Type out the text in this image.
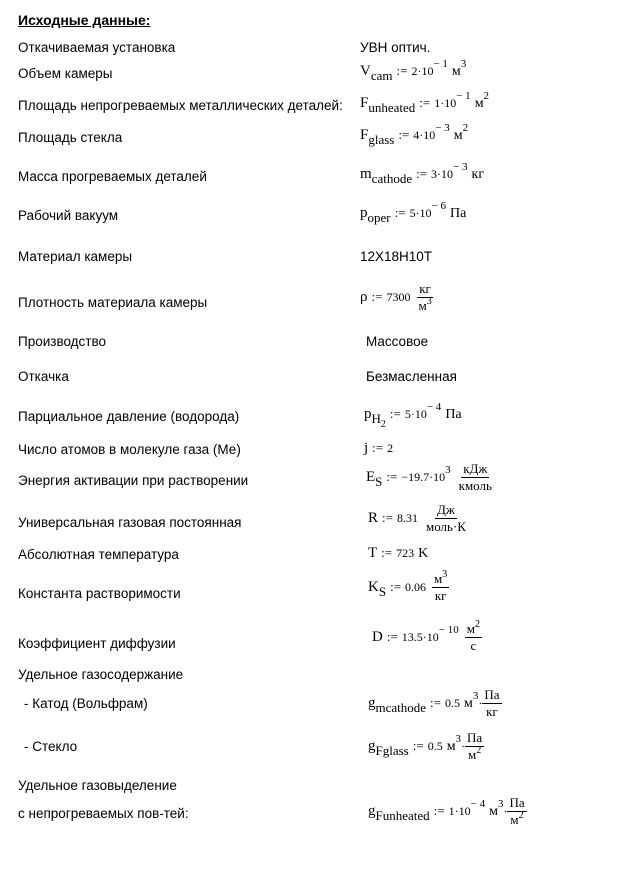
Исходные данные:
Откачиваемая установка	УВН оптич.
Объем камеры	Vcam := $2\cdot 10^{- 1}$ $м^3$
Площадь непрогреваемых металлических деталей: Funheated := $1\cdot 10^{- 1}$ $м^2$
Площадь стекла	Fglass := $4\cdot 10^{- 3}$ $м^2$
Масса прогреваемых деталей	mcathode := $3\cdot 10^{- 3}$ кг
Рабочий вакуум	poper := $5\cdot 10^{- 6}$ Па
Материал камеры	12Х18Н10Т
Плотность материала камеры	ρ := $7300 \frac{кг}{м^3}$
Производство	Массовое
Откачка	Безмасленная
Парциальное давление (водорода)	$pH_2:= 5\cdot 10^{- 4}$ Па
Число атомов в молекуле газа (Ме)	j := 2
Энергия активации при растворении	ES := $-19.7\cdot 10^3 \frac{\text{кДж}}{\text{кмоль}}$
Универсальная газовая постоянная	R := $8.31 \frac{Дж}{\text{моль·К}}$
Абсолютная температура	T := 723 K
Константа растворимости	KS := $0.06 \frac{м^3}{кг}$
Коэффициент диффузии	D := $13.5\cdot 10^{- 10} \frac{м^2}{с}$
Удельное газосодержание
- Катод (Вольфрам)	gmcathode := 0.5 $м^3\cdot \frac{Па}{кг}$
- Стекло	gFglass := 0.5 $м^3\cdot \frac{Па}{м^2}$
Удельное газовыделение
с непрогреваемых пов-тей:	gFunheated := $1\cdot 10^{- 4}$ $м^3\cdot \frac{Па}{м^2}$
